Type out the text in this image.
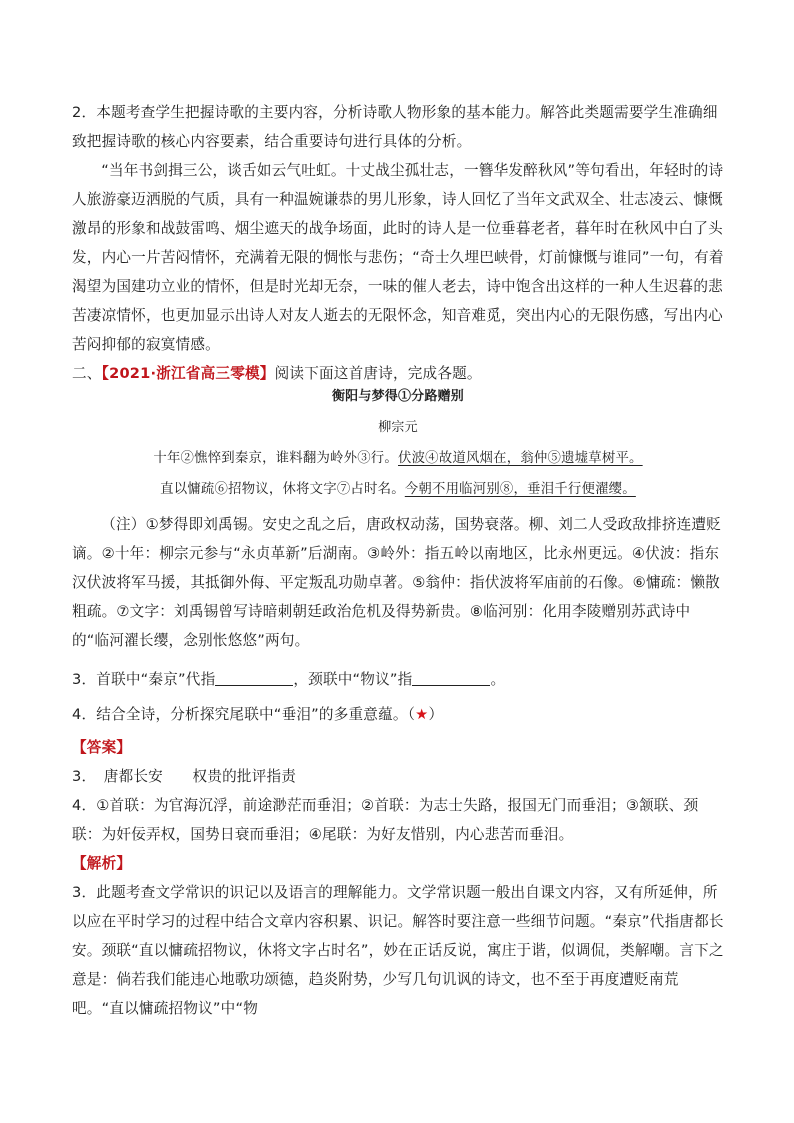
2．本题考查学生把握诗歌的主要内容，分析诗歌人物形象的基本能力。解答此类题需要学生准确细致把握诗歌的核心内容要素，结合重要诗句进行具体的分析。

“当年书剑揖三公，谈舌如云气吐虹。十丈战尘孤壮志，一簪华发醉秋风”等句看出，年轻时的诗人旅游豪迈洒脱的气质，具有一种温婉谦恭的男儿形象，诗人回忆了当年文武双全、壮志凌云、慷慨激昂的形象和战鼓雷鸣、烟尘遮天的战争场面，此时的诗人是一位垂暮老者，暮年时在秋风中白了头发，内心一片苦闷情怀，充满着无限的惆怅与悲伤；“奇士久埋巴峡骨，灯前慷慨与谁同”一句，有着渴望为国建功立业的情怀，但是时光却无奈，一味的催人老去，诗中饱含出这样的一种人生迟暮的悲苦凄凉情怀，也更加显示出诗人对友人逝去的无限怀念，知音难觅，突出内心的无限伤感，写出内心苦闷抑郁的寂寞情感。

二、【2021·浙江省高三零模】阅读下面这首唐诗，完成各题。

衡阳与梦得①分路赠别

柳宗元

十年②憔悴到秦京，谁料翻为岭外③行。伏波④故道风烟在，翁仲⑤遗墟草树平。

直以慵疏⑥招物议，休将文字⑦占时名。今朝不用临河别⑧，垂泪千行便濯缨。

（注）①梦得即刘禹锡。安史之乱之后，唐政权动荡，国势衰落。柳、刘二人受政敌排挤连遭贬谪。②十年：柳宗元参与“永贞革新”后湖南。③岭外：指五岭以南地区，比永州更远。④伏波：指东汉伏波将军马援，其抵御外侮、平定叛乱功勋卓著。⑤翁仲：指伏波将军庙前的石像。⑥慵疏：懒散粗疏。⑦文字：刘禹锡曾写诗暗刺朝廷政治危机及得势新贵。⑧临河别：化用李陵赠别苏武诗中的“临河濯长缨，念别怅悠悠”两句。

3．首联中“秦京”代指	，颈联中“物议”指	。

4．结合全诗，分析探究尾联中“垂泪”的多重意蕴。（★）

【答案】

3．　唐都长安　　权贵的批评指责

4．①首联：为官海沉浮，前途渺茫而垂泪；②首联：为志士失路，报国无门而垂泪；③颔联、颈联：为奸佞弄权，国势日衰而垂泪；④尾联：为好友惜别，内心悲苦而垂泪。

【解析】

3．此题考查文学常识的识记以及语言的理解能力。文学常识题一般出自课文内容，又有所延伸，所以应在平时学习的过程中结合文章内容积累、识记。解答时要注意一些细节问题。“秦京”代指唐都长安。颈联“直以慵疏招物议，休将文字占时名”，妙在正话反说，寓庄于谐，似调侃，类解嘲。言下之意是：倘若我们能违心地歌功颂德，趋炎附势，少写几句讥讽的诗文，也不至于再度遭贬南荒吧。“直以慵疏招物议”中“物
